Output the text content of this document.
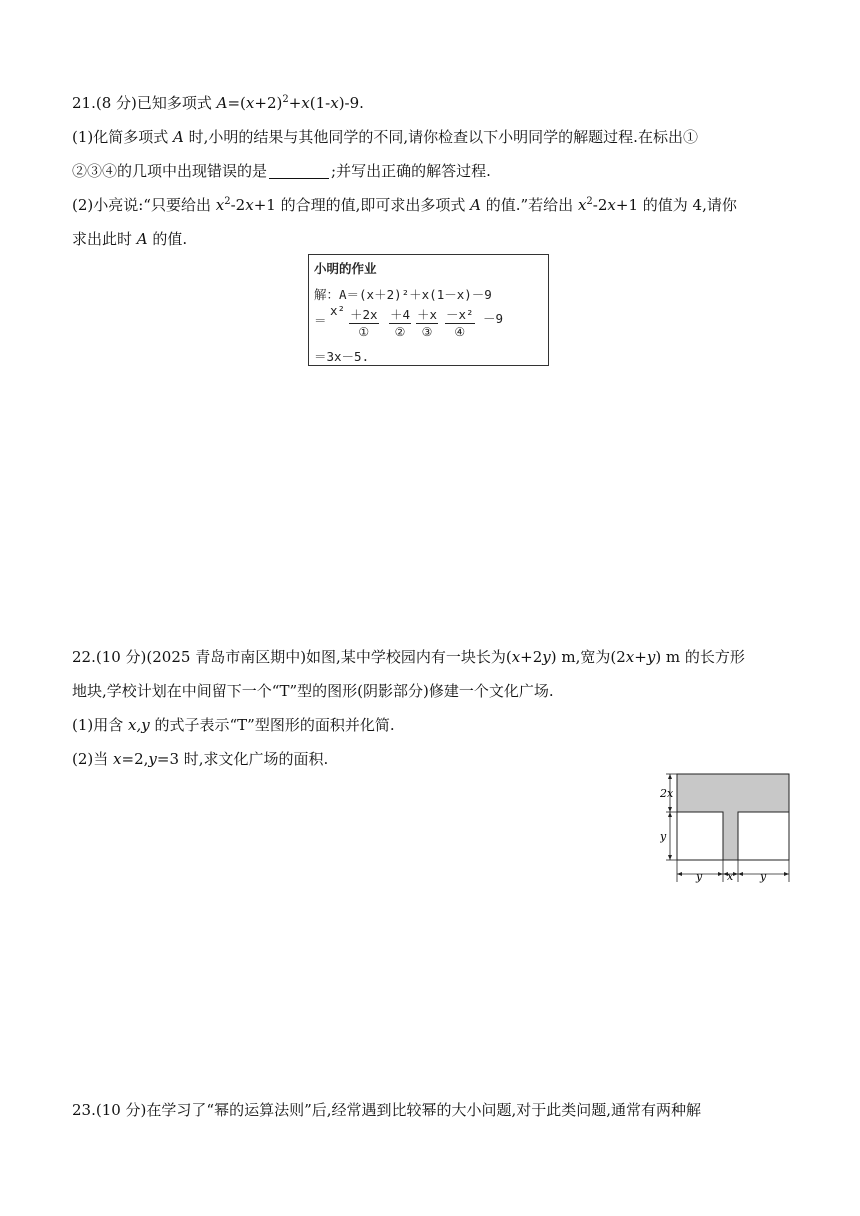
21.(8 分)已知多项式 $A=(x+2)^2+x(1-x)-9$.
(1)化简多项式 A 时,小明的结果与其他同学的不同,请你检查以下小明同学的解题过程.在标出①
②③④的几项中出现错误的是	;并写出正确的解答过程.
(2)小亮说:“只要给出 $x^2-2x+1$ 的合理的值,即可求出多项式 A 的值.”若给出 $x^2-2x+1$ 的值为 4,请你
求出此时 A 的值.
小明的作业
解：A＝(x＋2)²＋x(1－x)－9
＝
x² ＋2x
①
＋4
②
＋x
③
－x²
④
－9
＝3x－5.
22.(10 分)(2025 青岛市南区期中)如图,某中学校园内有一块长为(x+2y) m,宽为(2x+y) m 的长方形
地块,学校计划在中间留下一个“T”型的图形(阴影部分)修建一个文化广场.
(1)用含 x,y 的式子表示“T”型图形的面积并化简.
(2)当 x=2,y=3 时,求文化广场的面积.
2x
y
y x y
23.(10 分)在学习了“幂的运算法则”后,经常遇到比较幂的大小问题,对于此类问题,通常有两种解
